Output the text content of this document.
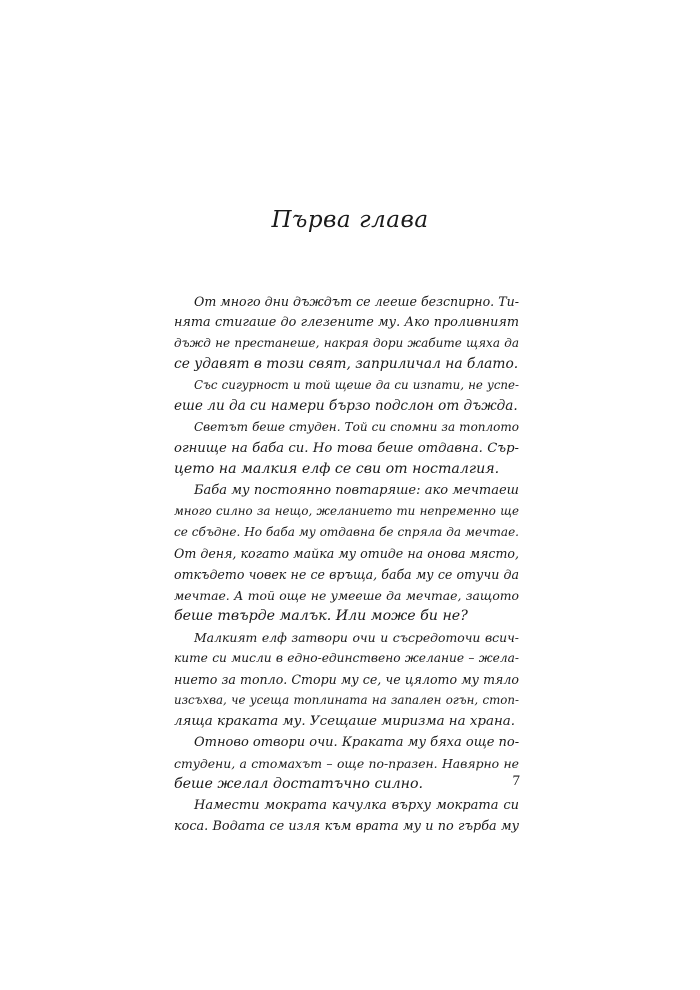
Първа глава
От много дни дъждът се лееше безспирно. Ти-
нята стигаше до глезените му. Ако проливният
дъжд не престанеше, накрая дори жабите щяха да
се удавят в този свят, заприличал на блато.
Със сигурност и той щеше да си изпати, не успе-
еше ли да си намери бързо подслон от дъжда.
Светът беше студен. Той си спомни за топлото
огнище на баба си. Но това беше отдавна. Сър-
цето на малкия елф се сви от носталгия.
Баба му постоянно повтаряше: ако мечтаеш
много силно за нещо, желанието ти непременно ще
се сбъдне. Но баба му отдавна бе спряла да мечтае.
От деня, когато майка му отиде на онова място,
откъдето човек не се връща, баба му се отучи да
мечтае. А той още не умееше да мечтае, защото
беше твърде малък. Или може би не?
Малкият елф затвори очи и съсредоточи всич-
ките си мисли в едно-единствено желание – жела-
нието за топло. Стори му се, че цялото му тяло
изсъхва, че усеща топлината на запален огън, стоп-
ляща краката му. Усещаше миризма на храна.
Отново отвори очи. Краката му бяха още по-
студени, а стомахът – още по-празен. Навярно не
беше желал достатъчно силно.
Намести мократа качулка върху мократа си
коса. Водата се изля към врата му и по гърба му
7
